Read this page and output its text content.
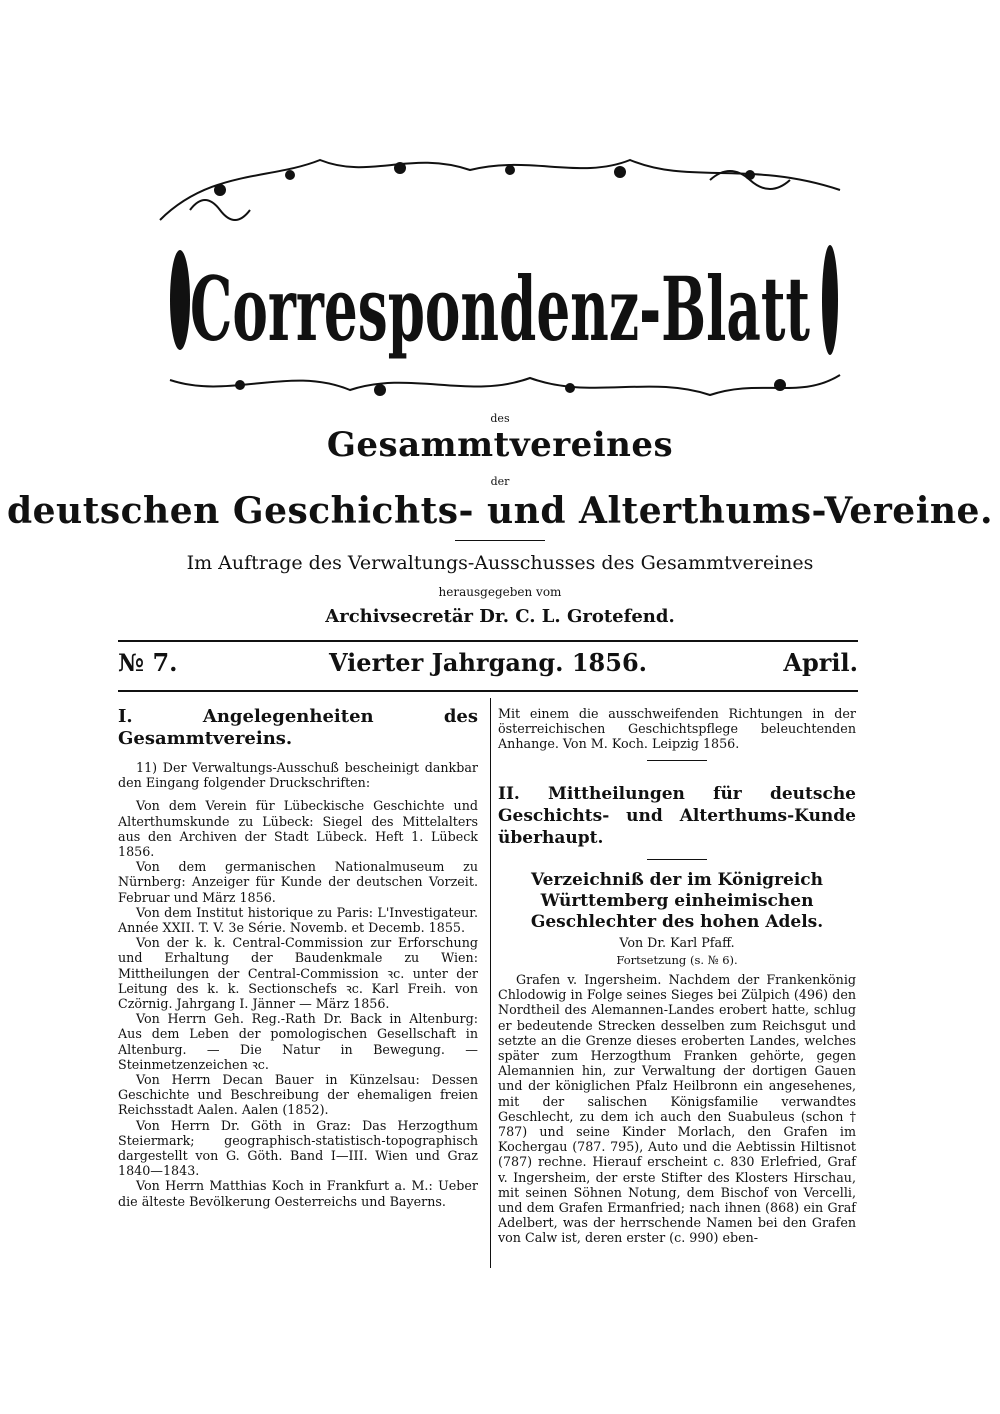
Correspondenz-Blatt
des
Gesammtvereines
der
deutschen Geschichts- und Alterthums-Vereine.
Im Auftrage des Verwaltungs-Ausschusses des Gesammtvereines
herausgegeben vom
Archivsecretär Dr. C. L. Grotefend.
№ 7.	Vierter Jahrgang. 1856.	April.
I. Angelegenheiten des Gesammtvereins.

11) Der Verwaltungs-Ausschuß bescheinigt dankbar den Eingang folgender Druckschriften:

Von dem Verein für Lübeckische Geschichte und Alterthumskunde zu Lübeck: Siegel des Mittelalters aus den Archiven der Stadt Lübeck. Heft 1. Lübeck 1856.

Von dem germanischen Nationalmuseum zu Nürnberg: Anzeiger für Kunde der deutschen Vorzeit. Februar und März 1856.

Von dem Institut historique zu Paris: L'Investigateur. Année XXII. T. V. 3e Série. Novemb. et Decemb. 1855.

Von der k. k. Central-Commission zur Erforschung und Erhaltung der Baudenkmale zu Wien: Mittheilungen der Central-Commission ꝛc. unter der Leitung des k. k. Sectionschefs ꝛc. Karl Freih. von Czörnig. Jahrgang I. Jänner — März 1856.

Von Herrn Geh. Reg.-Rath Dr. Back in Altenburg: Aus dem Leben der pomologischen Gesellschaft in Altenburg. — Die Natur in Bewegung. — Steinmetzenzeichen ꝛc.

Von Herrn Decan Bauer in Künzelsau: Dessen Geschichte und Beschreibung der ehemaligen freien Reichsstadt Aalen. Aalen (1852).

Von Herrn Dr. Göth in Graz: Das Herzogthum Steiermark; geographisch-statistisch-topographisch dargestellt von G. Göth. Band I—III. Wien und Graz 1840—1843.

Von Herrn Matthias Koch in Frankfurt a. M.: Ueber die älteste Bevölkerung Oesterreichs und Bayerns.

Mit einem die ausschweifenden Richtungen in der österreichischen Geschichtspflege beleuchtenden Anhange. Von M. Koch. Leipzig 1856.

II. Mittheilungen für deutsche Geschichts- und Alterthums-Kunde überhaupt.
Verzeichniß der im Königreich Württemberg einheimischen Geschlechter des hohen Adels.
Von Dr. Karl Pfaff.
Fortsetzung (s. № 6).

Grafen v. Ingersheim. Nachdem der Frankenkönig Chlodowig in Folge seines Sieges bei Zülpich (496) den Nordtheil des Alemannen-Landes erobert hatte, schlug er bedeutende Strecken desselben zum Reichsgut und setzte an die Grenze dieses eroberten Landes, welches später zum Herzogthum Franken gehörte, gegen Alemannien hin, zur Verwaltung der dortigen Gauen und der königlichen Pfalz Heilbronn ein angesehenes, mit der salischen Königsfamilie verwandtes Geschlecht, zu dem ich auch den Suabuleus (schon † 787) und seine Kinder Morlach, den Grafen im Kochergau (787. 795), Auto und die Aebtissin Hiltisnot (787) rechne. Hierauf erscheint c. 830 Erlefried, Graf v. Ingersheim, der erste Stifter des Klosters Hirschau, mit seinen Söhnen Notung, dem Bischof von Vercelli, und dem Grafen Ermanfried; nach ihnen (868) ein Graf Adelbert, was der herrschende Namen bei den Grafen von Calw ist, deren erster (c. 990) eben-
